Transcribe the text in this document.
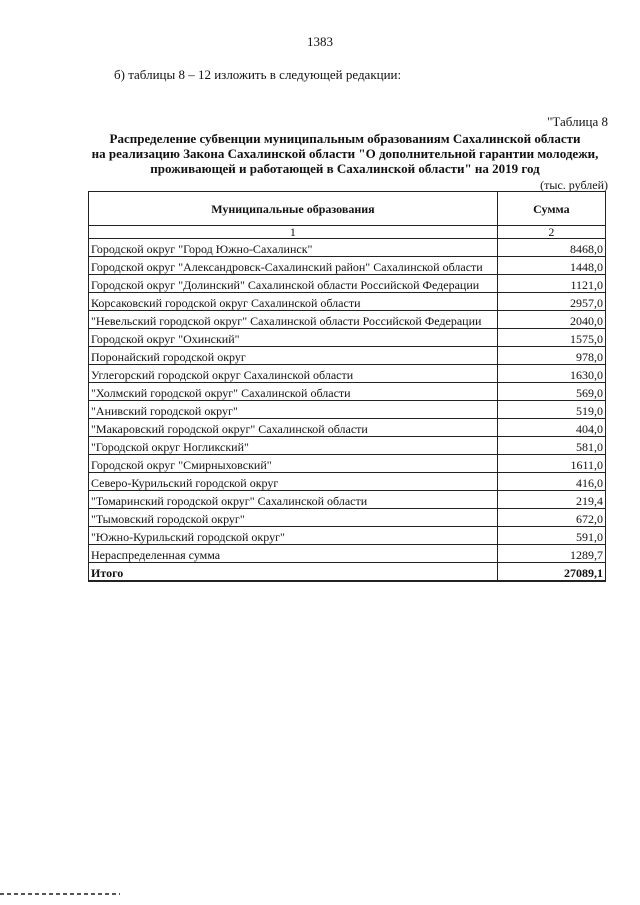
1383
б) таблицы 8 – 12 изложить в следующей редакции:
"Таблица 8
Распределение субвенции муниципальным образованиям Сахалинской области
на реализацию Закона Сахалинской области "О дополнительной гарантии молодежи,
проживающей и работающей в Сахалинской области" на 2019 год
(тыс. рублей)
Муниципальные образования	Сумма
1	2
Городской округ "Город Южно-Сахалинск"	8468,0
Городской округ "Александровск-Сахалинский район" Сахалинской области	1448,0
Городской округ "Долинский" Сахалинской области Российской Федерации	1121,0
Корсаковский городской округ Сахалинской области	2957,0
"Невельский городской округ" Сахалинской области Российской Федерации	2040,0
Городской округ "Охинский"	1575,0
Поронайский городской округ	978,0
Углегорский городской округ Сахалинской области	1630,0
"Холмский городской округ" Сахалинской области	569,0
"Анивский городской округ"	519,0
"Макаровский городской округ" Сахалинской области	404,0
"Городской округ Ногликский"	581,0
Городской округ "Смирныховский"	1611,0
Северо-Курильский городской округ	416,0
"Томаринский городской округ" Сахалинской области	219,4
"Тымовский городской округ"	672,0
"Южно-Курильский городской округ"	591,0
Нераспределенная сумма	1289,7
Итого	27089,1
